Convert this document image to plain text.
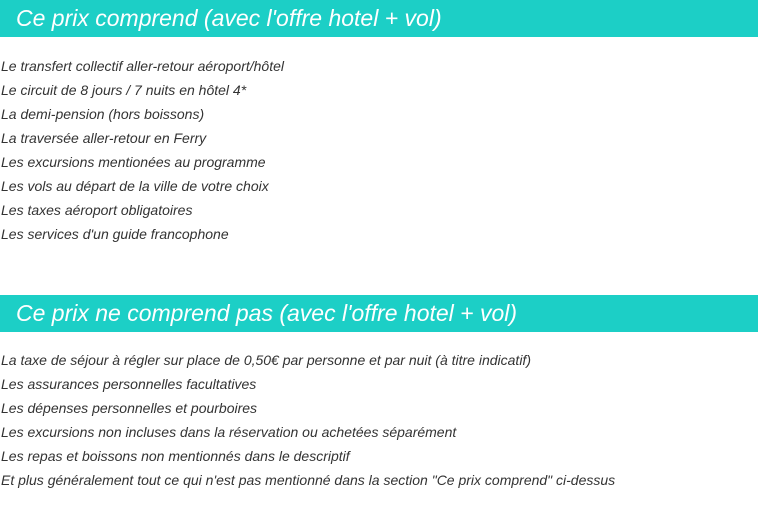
Ce prix comprend (avec l'offre hotel + vol)
Le transfert collectif aller-retour aéroport/hôtel
Le circuit de 8 jours / 7 nuits en hôtel 4*
La demi-pension (hors boissons)
La traversée aller-retour en Ferry
Les excursions mentionées au programme
Les vols au départ de la ville de votre choix
Les taxes aéroport obligatoires
Les services d'un guide francophone
Ce prix ne comprend pas (avec l'offre hotel + vol)
La taxe de séjour à régler sur place de 0,50€ par personne et par nuit (à titre indicatif)
Les assurances personnelles facultatives
Les dépenses personnelles et pourboires
Les excursions non incluses dans la réservation ou achetées séparément
Les repas et boissons non mentionnés dans le descriptif
Et plus généralement tout ce qui n'est pas mentionné dans la section "Ce prix comprend" ci-dessus
